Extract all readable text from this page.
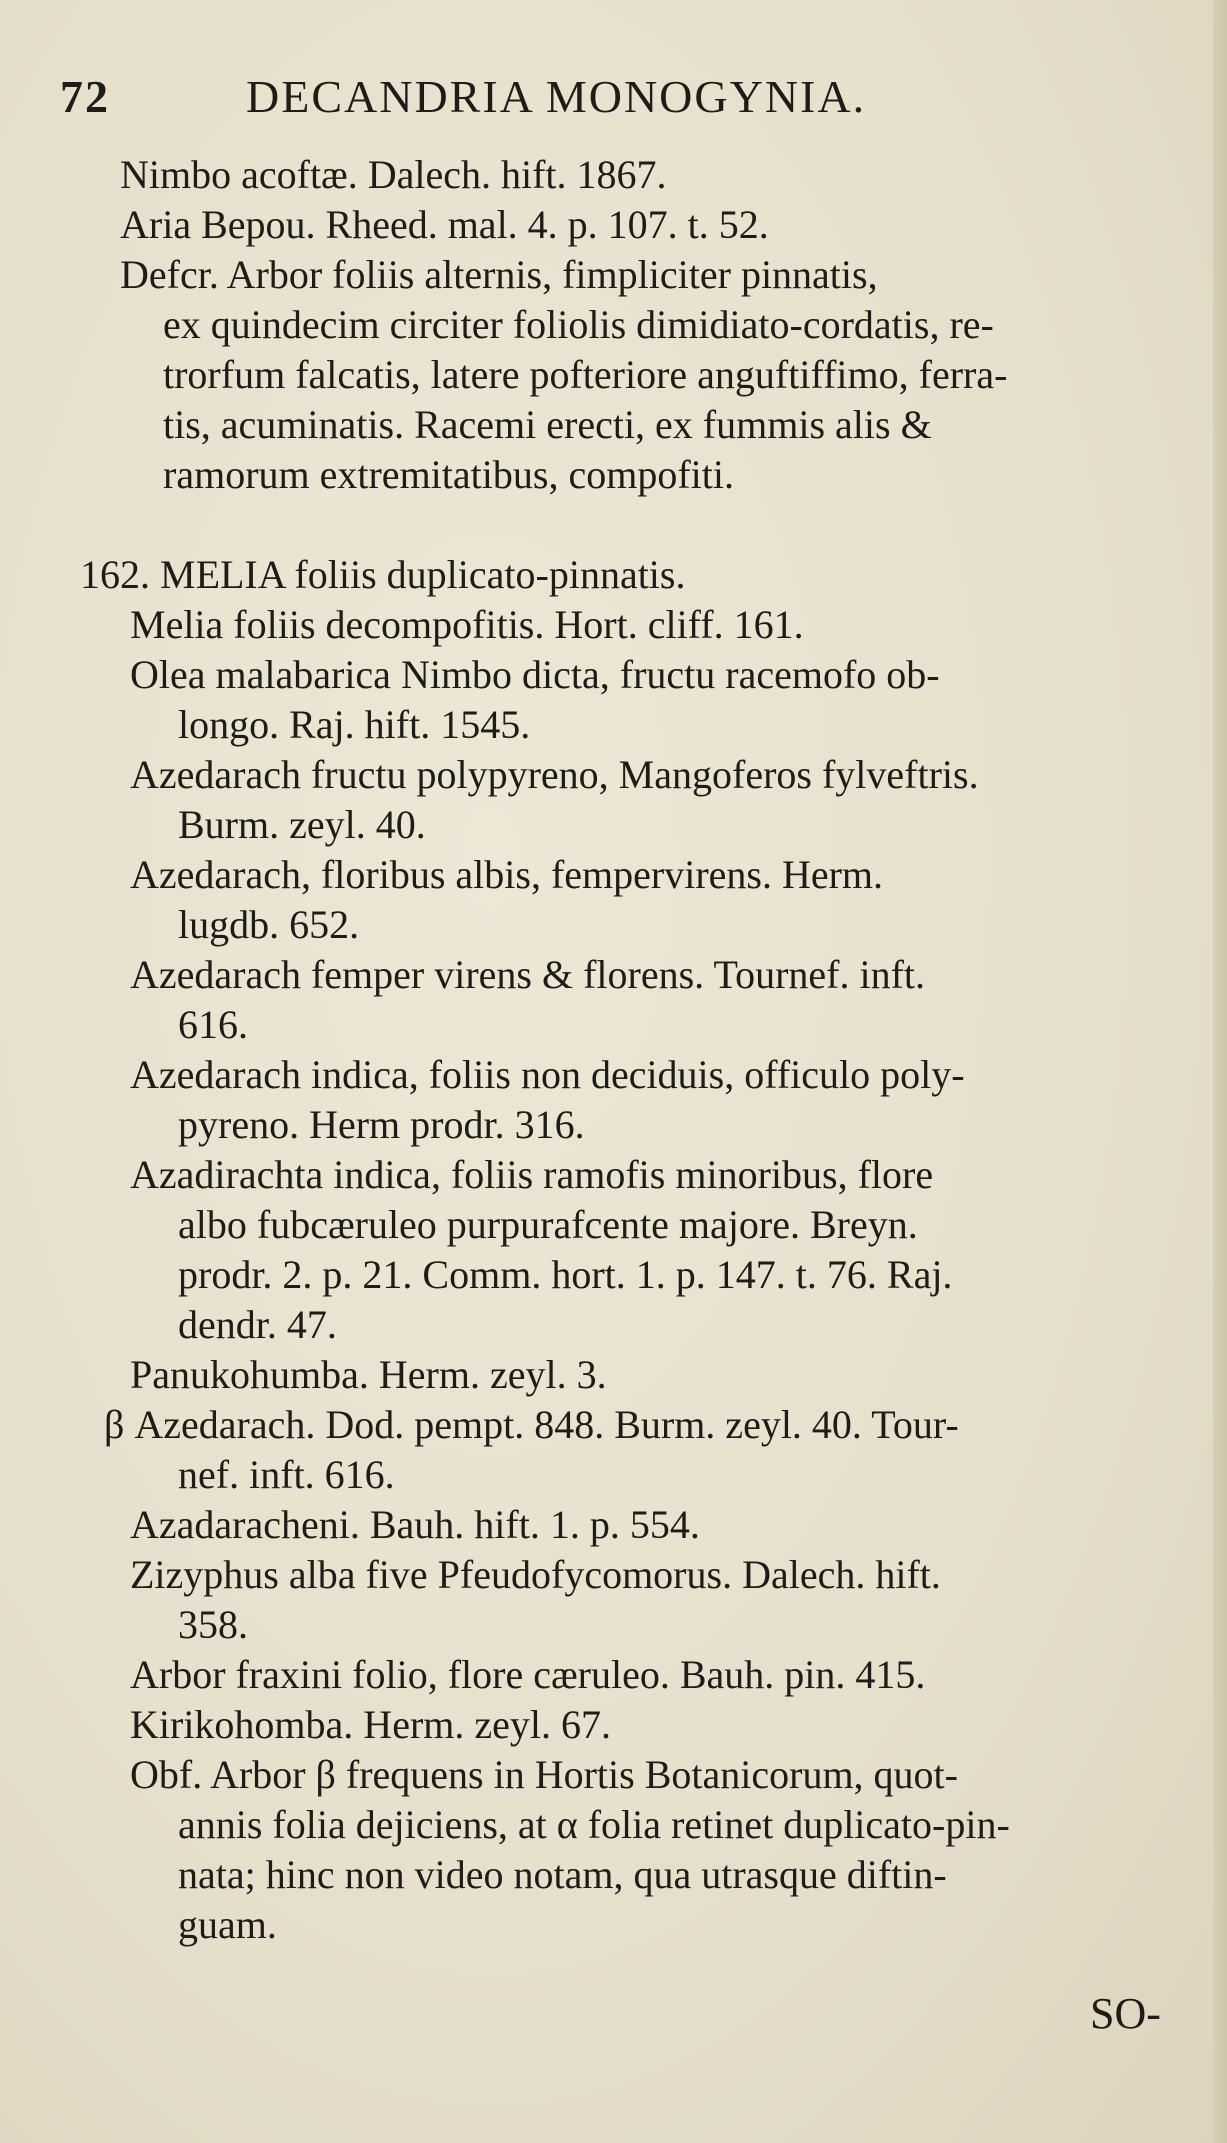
72	DECANDRIA MONOGYNIA.
Nimbo acoftæ. Dalech. hift. 1867.
Aria Bepou. Rheed. mal. 4. p. 107. t. 52.
Defcr. Arbor foliis alternis, fimpliciter pinnatis,
ex quindecim circiter foliolis dimidiato-cordatis, re-
trorfum falcatis, latere pofteriore anguftiffimo, ferra-
tis, acuminatis. Racemi erecti, ex fummis alis &
ramorum extremitatibus, compofiti.
162. MELIA foliis duplicato-pinnatis.
Melia foliis decompofitis. Hort. cliff. 161.
Olea malabarica Nimbo dicta, fructu racemofo ob-
longo. Raj. hift. 1545.
Azedarach fructu polypyreno, Mangoferos fylveftris.
Burm. zeyl. 40.
Azedarach, floribus albis, fempervirens. Herm.
lugdb. 652.
Azedarach femper virens & florens. Tournef. inft.
616.
Azedarach indica, foliis non deciduis, officulo poly-
pyreno. Herm prodr. 316.
Azadirachta indica, foliis ramofis minoribus, flore
albo fubcæruleo purpurafcente majore. Breyn.
prodr. 2. p. 21. Comm. hort. 1. p. 147. t. 76. Raj.
dendr. 47.
Panukohumba. Herm. zeyl. 3.
β Azedarach. Dod. pempt. 848. Burm. zeyl. 40. Tour-
nef. inft. 616.
Azadaracheni. Bauh. hift. 1. p. 554.
Zizyphus alba five Pfeudofycomorus. Dalech. hift.
358.
Arbor fraxini folio, flore cæruleo. Bauh. pin. 415.
Kirikohomba. Herm. zeyl. 67.
Obf. Arbor β frequens in Hortis Botanicorum, quot-
annis folia dejiciens, at α folia retinet duplicato-pin-
nata; hinc non video notam, qua utrasque diftin-
guam.
SO-
